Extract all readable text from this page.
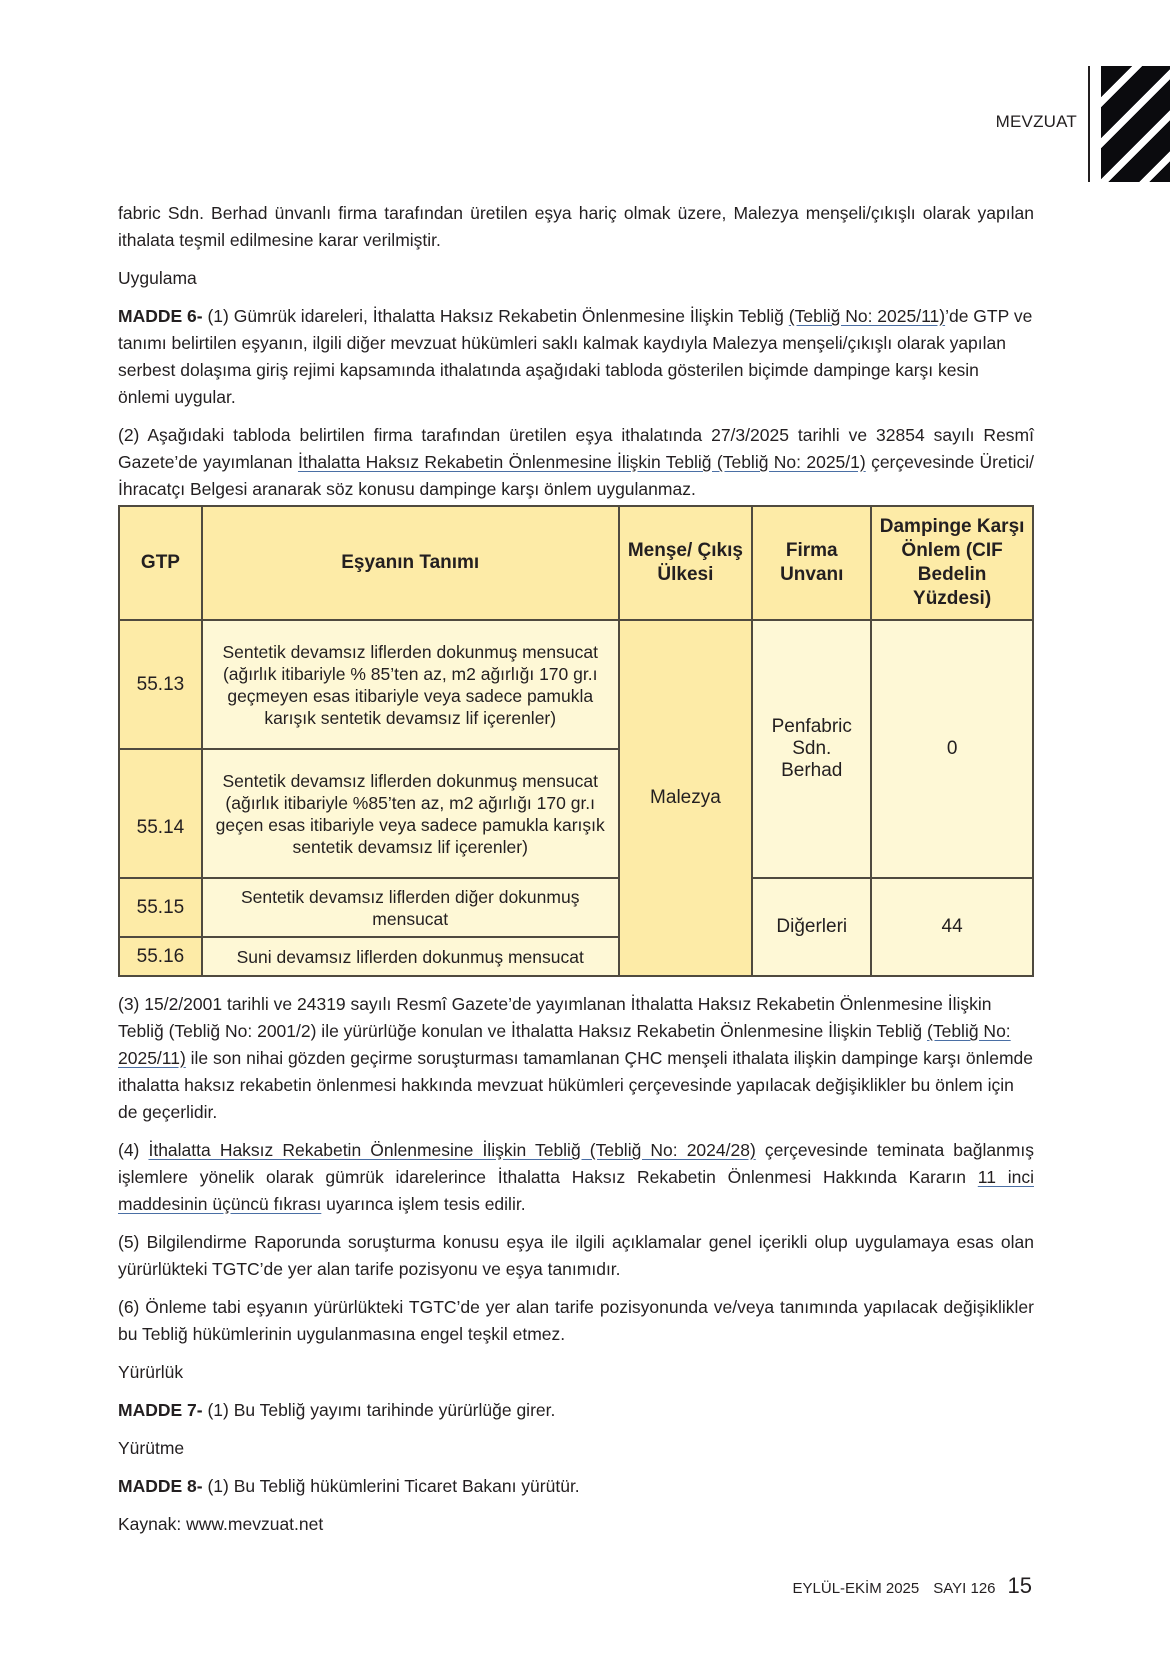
MEVZUAT

fabric Sdn. Berhad ünvanlı firma tarafından üretilen eşya hariç olmak üzere, Malezya menşeli/çıkışlı olarak yapılan ithalata teşmil edilmesine karar verilmiştir.

Uygulama

MADDE 6- (1) Gümrük idareleri, İthalatta Haksız Rekabetin Önlenmesine İlişkin Tebliğ (Tebliğ No: 2025/11)’de GTP ve tanımı belirtilen eşyanın, ilgili diğer mevzuat hükümleri saklı kalmak kaydıyla Malezya menşeli/çıkışlı olarak yapılan serbest dolaşıma giriş rejimi kapsamında ithalatında aşağıdaki tabloda gösterilen biçimde dampinge karşı kesin önlemi uygular.

(2) Aşağıdaki tabloda belirtilen firma tarafından üretilen eşya ithalatında 27/3/2025 tarihli ve 32854 sayılı Resmî Gazete’de yayımlanan İthalatta Haksız Rekabetin Önlenmesine İlişkin Tebliğ (Tebliğ No: 2025/1) çerçevesinde Üretici/İhracatçı Belgesi aranarak söz konusu dampinge karşı önlem uygulanmaz.

GTP	Eşyanın Tanımı	Menşe/ Çıkış Ülkesi	Firma Unvanı	Dampinge Karşı Önlem (CIF Bedelin Yüzdesi)
55.13	Sentetik devamsız liflerden dokunmuş mensucat (ağırlık itibariyle % 85’ten az, m2 ağırlığı 170 gr.ı geçmeyen esas itibariyle veya sadece pamukla karışık sentetik devamsız lif içerenler)	Malezya	Penfabric Sdn. Berhad	0
55.14	Sentetik devamsız liflerden dokunmuş mensucat (ağırlık itibariyle %85’ten az, m2 ağırlığı 170 gr.ı geçen esas itibariyle veya sadece pamukla karışık sentetik devamsız lif içerenler)			
55.15	Sentetik devamsız liflerden diğer dokunmuş mensucat		Diğerleri	44
55.16	Suni devamsız liflerden dokunmuş mensucat			

(3) 15/2/2001 tarihli ve 24319 sayılı Resmî Gazete’de yayımlanan İthalatta Haksız Rekabetin Önlenmesine İlişkin Tebliğ (Tebliğ No: 2001/2) ile yürürlüğe konulan ve İthalatta Haksız Rekabetin Önlenmesine İlişkin Tebliğ (Tebliğ No: 2025/11) ile son nihai gözden geçirme soruşturması tamamlanan ÇHC menşeli ithalata ilişkin dampinge karşı önlemde ithalatta haksız rekabetin önlenmesi hakkında mevzuat hükümleri çerçevesinde yapılacak değişiklikler bu önlem için de geçerlidir.

(4) İthalatta Haksız Rekabetin Önlenmesine İlişkin Tebliğ (Tebliğ No: 2024/28) çerçevesinde teminata bağlanmış işlemlere yönelik olarak gümrük idarelerince İthalatta Haksız Rekabetin Önlenmesi Hakkında Kararın 11 inci maddesinin üçüncü fıkrası uyarınca işlem tesis edilir.

(5) Bilgilendirme Raporunda soruşturma konusu eşya ile ilgili açıklamalar genel içerikli olup uygulamaya esas olan yürürlükteki TGTC’de yer alan tarife pozisyonu ve eşya tanımıdır.

(6) Önleme tabi eşyanın yürürlükteki TGTC’de yer alan tarife pozisyonunda ve/veya tanımında yapılacak değişiklikler bu Tebliğ hükümlerinin uygulanmasına engel teşkil etmez.

Yürürlük

MADDE 7- (1) Bu Tebliğ yayımı tarihinde yürürlüğe girer.

Yürütme

MADDE 8- (1) Bu Tebliğ hükümlerini Ticaret Bakanı yürütür.

Kaynak: www.mevzuat.net

EYLÜL-EKİM 2025 SAYI 126 15
